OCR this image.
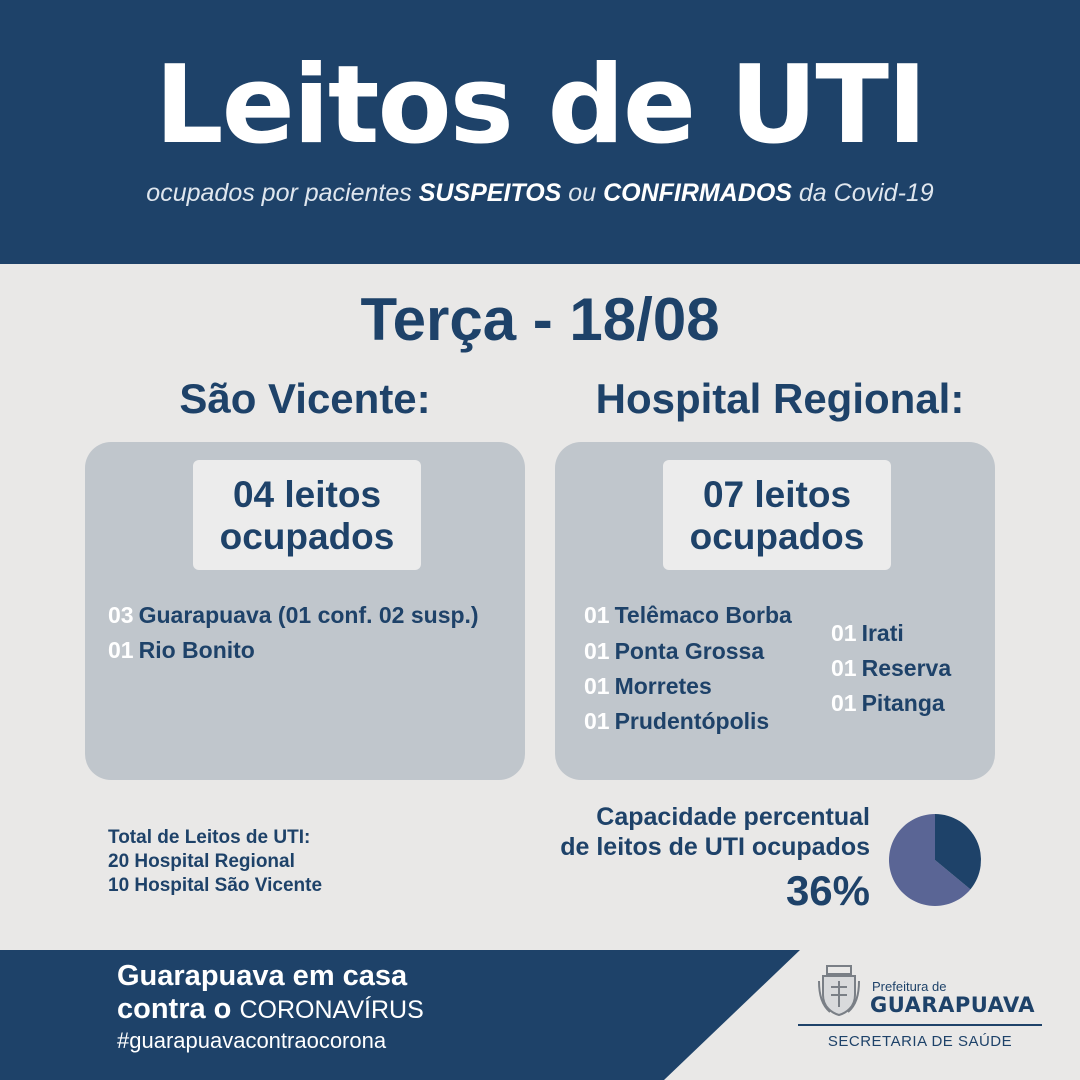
Leitos de UTI
ocupados por pacientes SUSPEITOS ou CONFIRMADOS da Covid-19
Terça - 18/08
São Vicente:	Hospital Regional:
04 leitos
ocupados
03 Guarapuava (01 conf. 02 susp.)
01 Rio Bonito
07 leitos
ocupados
01 Telêmaco Borba
01 Ponta Grossa
01 Morretes
01 Prudentópolis
01 Irati
01 Reserva
01 Pitanga
Total de Leitos de UTI:
20 Hospital Regional
10 Hospital São Vicente
Capacidade percentual
de leitos de UTI ocupados
36%
Guarapuava em casa
contra o CORONAVÍRUS
#guarapuavacontraocorona
Prefeitura de
GUARAPUAVA
SECRETARIA DE SAÚDE
